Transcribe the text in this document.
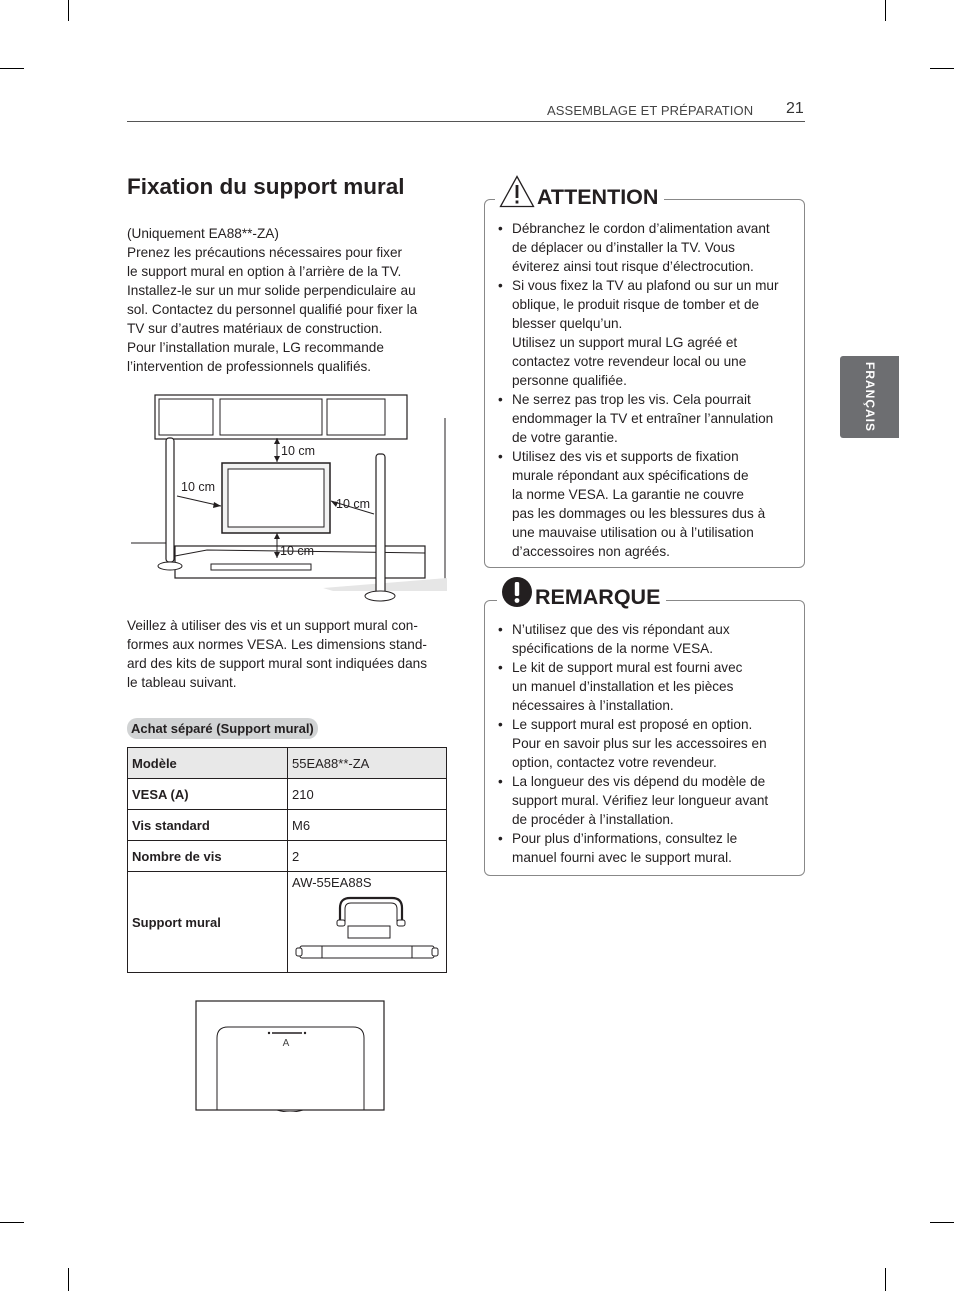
ASSEMBLAGE ET PRÉPARATION 21
FRANÇAIS
Fixation du support mural

(Uniquement EA88**-ZA)
Prenez les précautions nécessaires pour fixer
le support mural en option à l’arrière de la TV.
Installez-le sur un mur solide perpendiculaire au
sol. Contactez du personnel qualifié pour fixer la
TV sur d’autres matériaux de construction.
Pour l’installation murale, LG recommande
l’intervention de professionnels qualifiés.

10 cm
10 cm
10 cm
10 cm

Veillez à utiliser des vis et un support mural con-
formes aux normes VESA. Les dimensions stand-
ard des kits de support mural sont indiquées dans
le tableau suivant.

Achat séparé (Support mural)
Modèle	55EA88**-ZA
VESA (A)	210
Vis standard	M6
Nombre de vis	2
Support mural	AW-55EA88S
A
ATTENTION
• Débranchez le cordon d’alimentation avant
de déplacer ou d’installer la TV. Vous
éviterez ainsi tout risque d’électrocution.
• Si vous fixez la TV au plafond ou sur un mur
oblique, le produit risque de tomber et de
blesser quelqu’un.
Utilisez un support mural LG agréé et
contactez votre revendeur local ou une
personne qualifiée.
• Ne serrez pas trop les vis. Cela pourrait
endommager la TV et entraîner l’annulation
de votre garantie.
• Utilisez des vis et supports de fixation
murale répondant aux spécifications de
la norme VESA. La garantie ne couvre
pas les dommages ou les blessures dus à
une mauvaise utilisation ou à l’utilisation
d’accessoires non agréés.
REMARQUE
• N’utilisez que des vis répondant aux
spécifications de la norme VESA.
• Le kit de support mural est fourni avec
un manuel d’installation et les pièces
nécessaires à l’installation.
• Le support mural est proposé en option.
Pour en savoir plus sur les accessoires en
option, contactez votre revendeur.
• La longueur des vis dépend du modèle de
support mural. Vérifiez leur longueur avant
de procéder à l’installation.
• Pour plus d’informations, consultez le
manuel fourni avec le support mural.
